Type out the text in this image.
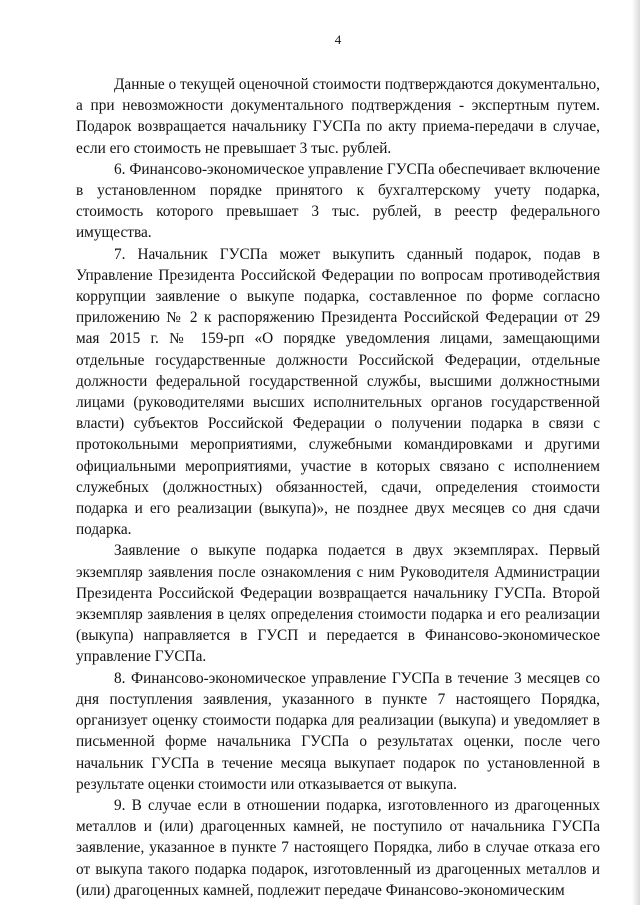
4

Данные о текущей оценочной стоимости подтверждаются документально, а при невозможности документального подтверждения - экспертным путем. Подарок возвращается начальнику ГУСПа по акту приема-передачи в случае, если его стоимость не превышает 3 тыс. рублей.

6. Финансово-экономическое управление ГУСПа обеспечивает включение в установленном порядке принятого к бухгалтерскому учету подарка, стоимость которого превышает 3 тыс. рублей, в реестр федерального имущества.

7. Начальник ГУСПа может выкупить сданный подарок, подав в Управление Президента Российской Федерации по вопросам противодействия коррупции заявление о выкупе подарка, составленное по форме согласно приложению № 2 к распоряжению Президента Российской Федерации от 29 мая 2015 г. № 159-рп «О порядке уведомления лицами, замещающими отдельные государственные должности Российской Федерации, отдельные должности федеральной государственной службы, высшими должностными лицами (руководителями высших исполнительных органов государственной власти) субъектов Российской Федерации о получении подарка в связи с протокольными мероприятиями, служебными командировками и другими официальными мероприятиями, участие в которых связано с исполнением служебных (должностных) обязанностей, сдачи, определения стоимости подарка и его реализации (выкупа)», не позднее двух месяцев со дня сдачи подарка.

Заявление о выкупе подарка подается в двух экземплярах. Первый экземпляр заявления после ознакомления с ним Руководителя Администрации Президента Российской Федерации возвращается начальнику ГУСПа. Второй экземпляр заявления в целях определения стоимости подарка и его реализации (выкупа) направляется в ГУСП и передается в Финансово-экономическое управление ГУСПа.

8. Финансово-экономическое управление ГУСПа в течение 3 месяцев со дня поступления заявления, указанного в пункте 7 настоящего Порядка, организует оценку стоимости подарка для реализации (выкупа) и уведомляет в письменной форме начальника ГУСПа о результатах оценки, после чего начальник ГУСПа в течение месяца выкупает подарок по установленной в результате оценки стоимости или отказывается от выкупа.

9. В случае если в отношении подарка, изготовленного из драгоценных металлов и (или) драгоценных камней, не поступило от начальника ГУСПа заявление, указанное в пункте 7 настоящего Порядка, либо в случае отказа его от выкупа такого подарка подарок, изготовленный из драгоценных металлов и (или) драгоценных камней, подлежит передаче Финансово-экономическим
